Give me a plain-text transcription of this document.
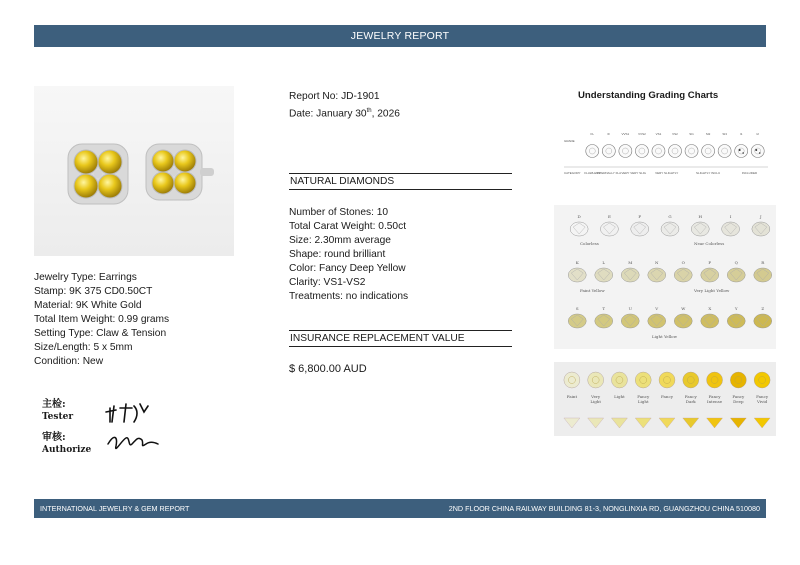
JEWELRY REPORT
Jewelry Type: Earrings
Stamp: 9K 375 CD0.50CT
Material: 9K White Gold
Total Item Weight: 0.99 grams
Setting Type: Claw & Tension
Size/Length: 5 x 5mm
Condition: New
主检:
Tester
审核:
Authorize
Report No: JD-1901
Date: January 30th, 2026
NATURAL DIAMONDS
Number of Stones: 10
Total Carat Weight: 0.50ct
Size: 2.30mm average
Shape: round brilliant
Color: Fancy Deep Yellow
Clarity: VS1-VS2
Treatments: no indications
INSURANCE REPLACEMENT VALUE
$ 6,800.00 AUD
Understanding Grading Charts
GRADE
CATEGORY
FL	IF	VVS1	VVS2	VS1	VS2	SI1	SI2	SI3	I1	I2
FLAWLESS
INTERNALLY FLA VERY VERY SLIG	VERY SLIGHTLY	SLIGHTLY INCLU	INCLUDED
Colorless	Near Colorless
Faint Yellow	Very Light Yellow
Light Yellow
D	E	F	G	H	I	J
K	L	M	N	O	P	Q	R
S	T	U	V	W	X	Y	Z
Faint	Very Light
Light	Fancy Light
Fancy	Fancy Dark
Fancy Intense
Fancy Deep
Fancy Vivid
INTERNATIONAL JEWELRY & GEM REPORT	2ND FLOOR CHINA RAILWAY BUILDING 81-3, NONGLINXIA RD, GUANGZHOU CHINA 510080
